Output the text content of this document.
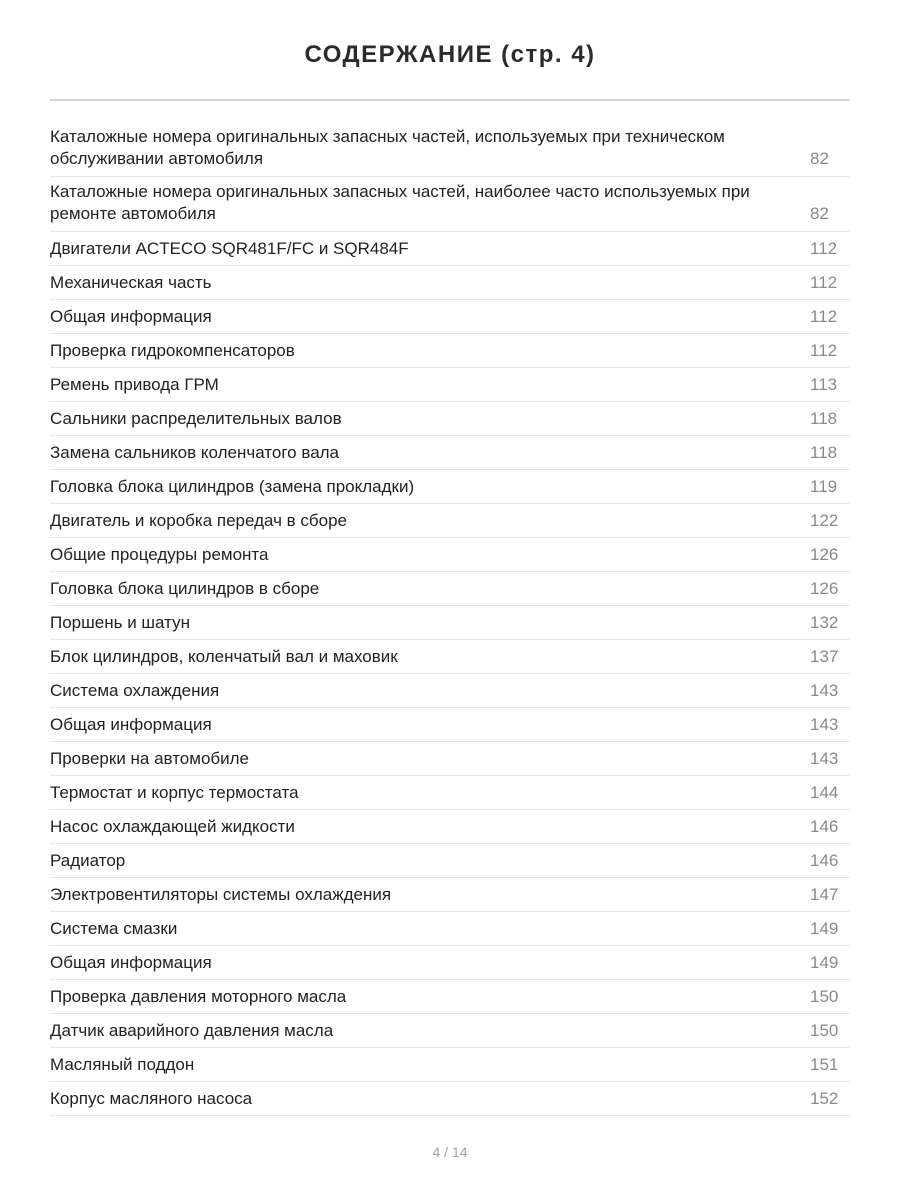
СОДЕРЖАНИЕ (стр. 4)
Каталожные номера оригинальных запасных частей, используемых при техническом обслуживании автомобиля	82
Каталожные номера оригинальных запасных частей, наиболее часто используемых при ремонте автомобиля	82
Двигатели ACTECO SQR481F/FC и SQR484F	112
Механическая часть	112
Общая информация	112
Проверка гидрокомпенсаторов	112
Ремень привода ГРМ	113
Сальники распределительных валов	118
Замена сальников коленчатого вала	118
Головка блока цилиндров (замена прокладки)	119
Двигатель и коробка передач в сборе	122
Общие процедуры ремонта	126
Головка блока цилиндров в сборе	126
Поршень и шатун	132
Блок цилиндров, коленчатый вал и маховик	137
Система охлаждения	143
Общая информация	143
Проверки на автомобиле	143
Термостат и корпус термостата	144
Насос охлаждающей жидкости	146
Радиатор	146
Электровентиляторы системы охлаждения	147
Система смазки	149
Общая информация	149
Проверка давления моторного масла	150
Датчик аварийного давления масла	150
Масляный поддон	151
Корпус масляного насоса	152
4 / 14
